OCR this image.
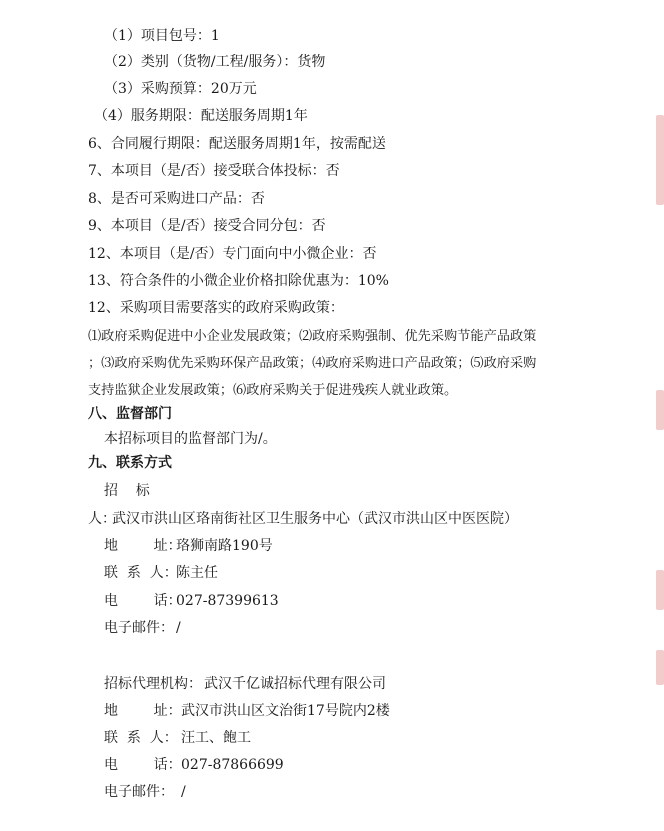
（1）项目包号：1
（2）类别（货物/工程/服务）：货物
（3）采购预算：20万元
（4）服务期限：配送服务周期1年
6、合同履行期限：配送服务周期1年，按需配送
7、本项目（是/否）接受联合体投标：否
8、是否可采购进口产品：否
9、本项目（是/否）接受合同分包：否
12、本项目（是/否）专门面向中小微企业：否
13、符合条件的小微企业价格扣除优惠为：10%
12、采购项目需要落实的政府采购政策：
⑴政府采购促进中小企业发展政策；⑵政府采购强制、优先采购节能产品政策
；⑶政府采购优先采购环保产品政策；⑷政府采购进口产品政策；⑸政府采购
支持监狱企业发展政策；⑹政府采购关于促进残疾人就业政策。
八、监督部门
本招标项目的监督部门为/。
九、联系方式
招    标
人：
武汉市洪山区珞南街社区卫生服务中心（武汉市洪山区中医医院）
地        址：
珞狮南路190号
联  系  人：
陈主任
电        话：
027-87399613
电子邮件： /
招标代理机构： 武汉千亿诚招标代理有限公司
地        址： 武汉市洪山区文治街17号院内2楼
联  系  人： 汪工、飽工
电        话： 027-87866699
电子邮件： /
